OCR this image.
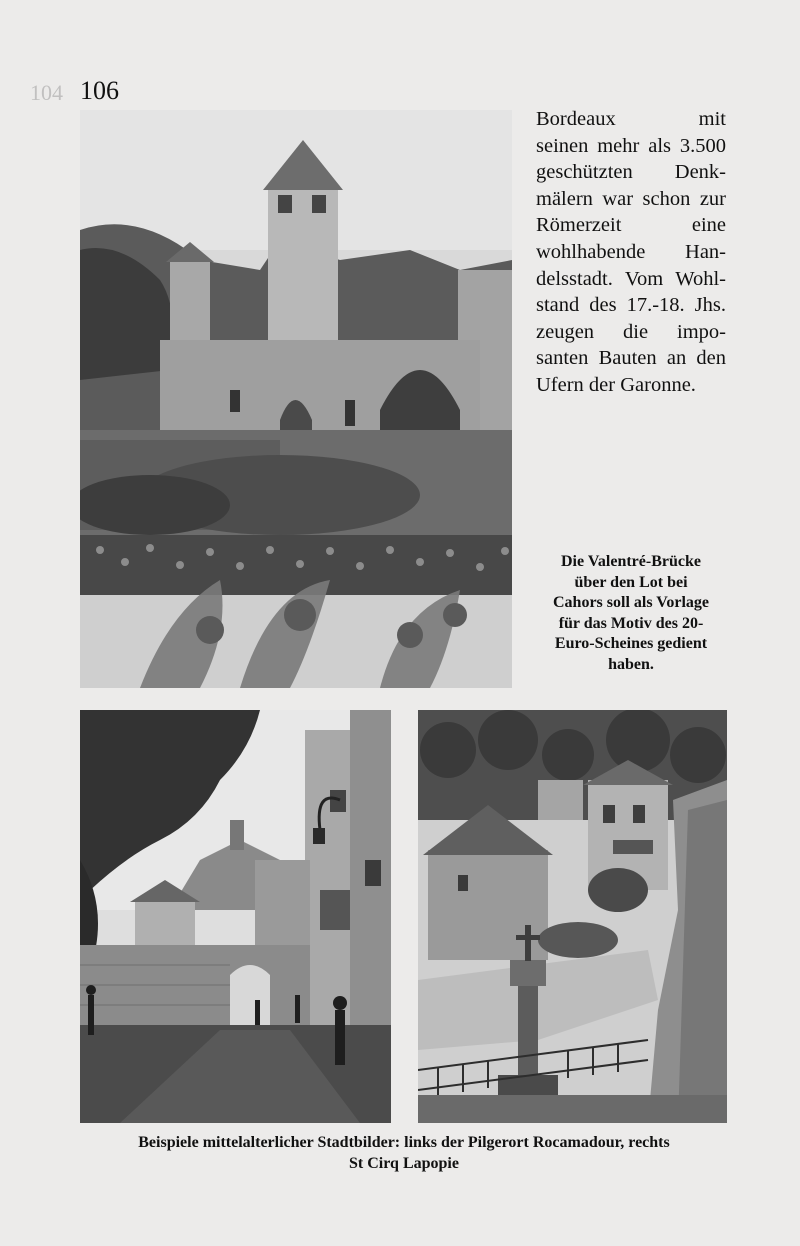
104 106
Bordeaux mit
seinen mehr als 3.500
geschützten Denk-
mälern war schon zur
Römerzeit eine
wohlhabende Han-
delsstadt. Vom Wohl-
stand des 17.-18. Jhs.
zeugen die impo-
santen Bauten an den
Ufern der Garonne.
Die Valentré-Brücke
über den Lot bei
Cahors soll als Vorlage
für das Motiv des 20-
Euro-Scheines gedient
haben.
Beispiele mittelalterlicher Stadtbilder: links der Pilgerort Rocamadour, rechts
St Cirq Lapopie
